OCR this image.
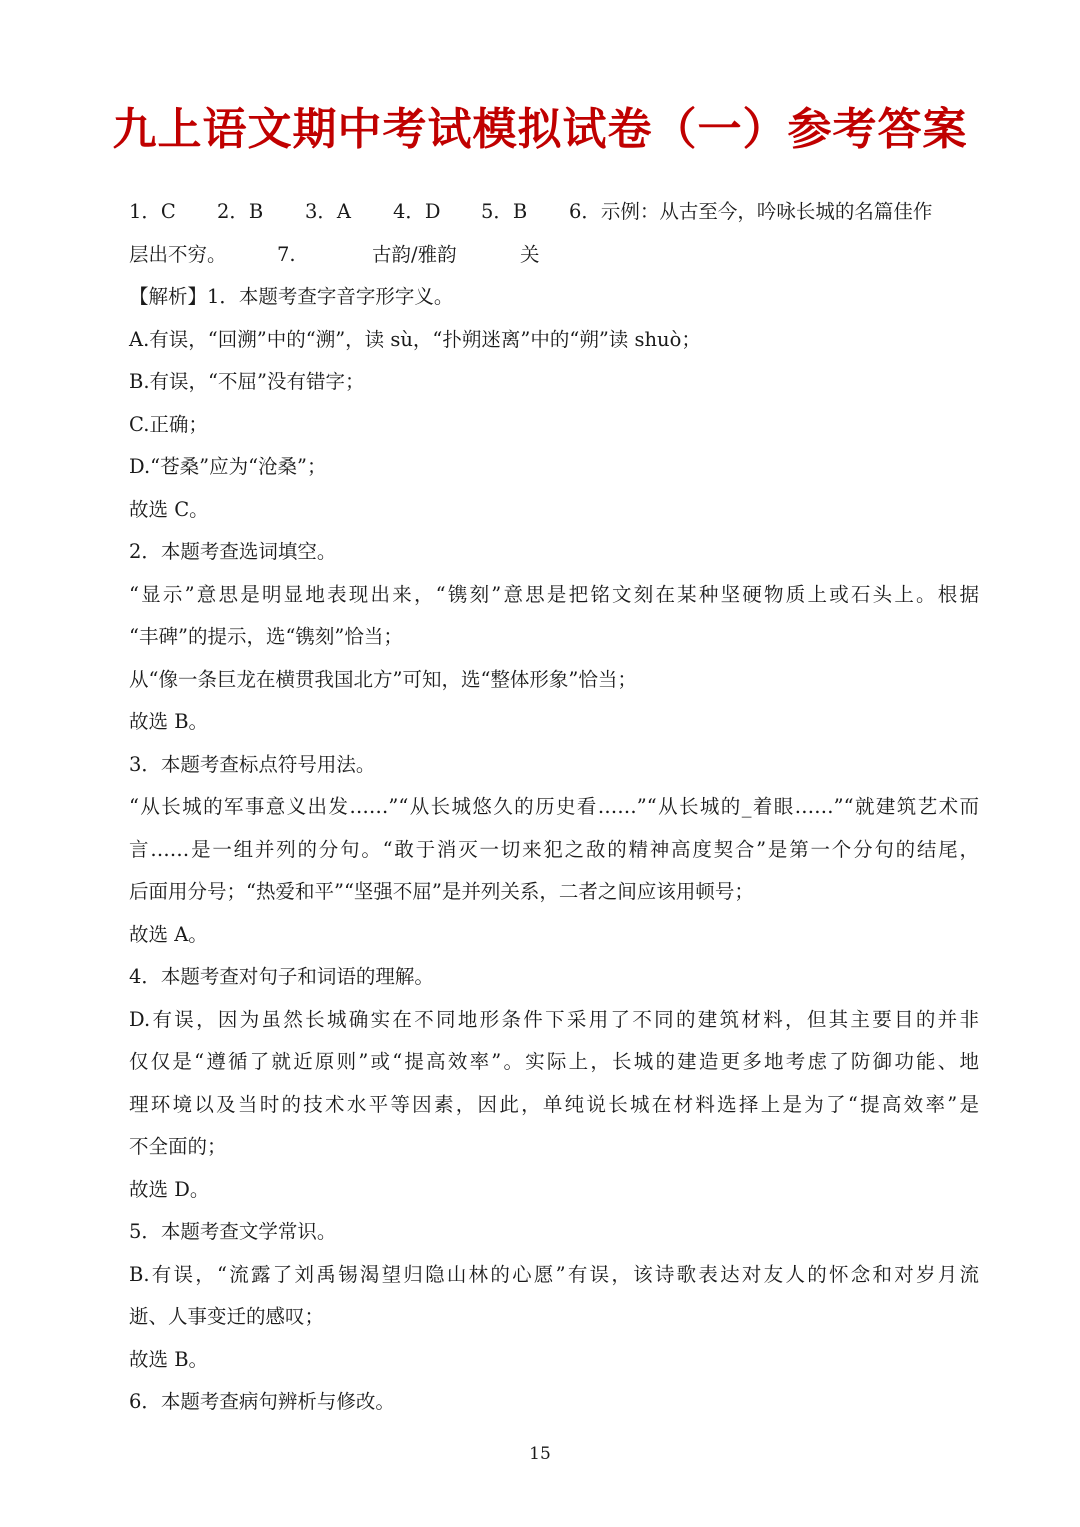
九上语文期中考试模拟试卷（一）参考答案
1．C	2．B	3．A	4．D	5．B	6．示例：从古至今，吟咏长城的名篇佳作
层出不穷。	7.	古韵/雅韵	关
【解析】1．本题考查字音字形字义。
A.有误，“回溯”中的“溯”，读 sù，“扑朔迷离”中的“朔”读 shuò；
B.有误，“不屈”没有错字；
C.正确；
D.“苍桑”应为“沧桑”；
故选 C。
2．本题考查选词填空。
“显示”意思是明显地表现出来，“镌刻”意思是把铭文刻在某种坚硬物质上或石头上。根据
“丰碑”的提示，选“镌刻”恰当；
从“像一条巨龙在横贯我国北方”可知，选“整体形象”恰当；
故选 B。
3．本题考查标点符号用法。
“从长城的军事意义出发……”“从长城悠久的历史看……”“从长城的_着眼……”“就建筑艺术而
言……是一组并列的分句。“敢于消灭一切来犯之敌的精神高度契合”是第一个分句的结尾，
后面用分号；“热爱和平”“坚强不屈”是并列关系，二者之间应该用顿号；
故选 A。
4．本题考查对句子和词语的理解。
D.有误，因为虽然长城确实在不同地形条件下采用了不同的建筑材料，但其主要目的并非
仅仅是“遵循了就近原则”或“提高效率”。实际上，长城的建造更多地考虑了防御功能、地
理环境以及当时的技术水平等因素，因此，单纯说长城在材料选择上是为了“提高效率”是
不全面的；
故选 D。
5．本题考查文学常识。
B.有误，“流露了刘禹锡渴望归隐山林的心愿”有误，该诗歌表达对友人的怀念和对岁月流
逝、人事变迁的感叹；
故选 B。
6．本题考查病句辨析与修改。
15
